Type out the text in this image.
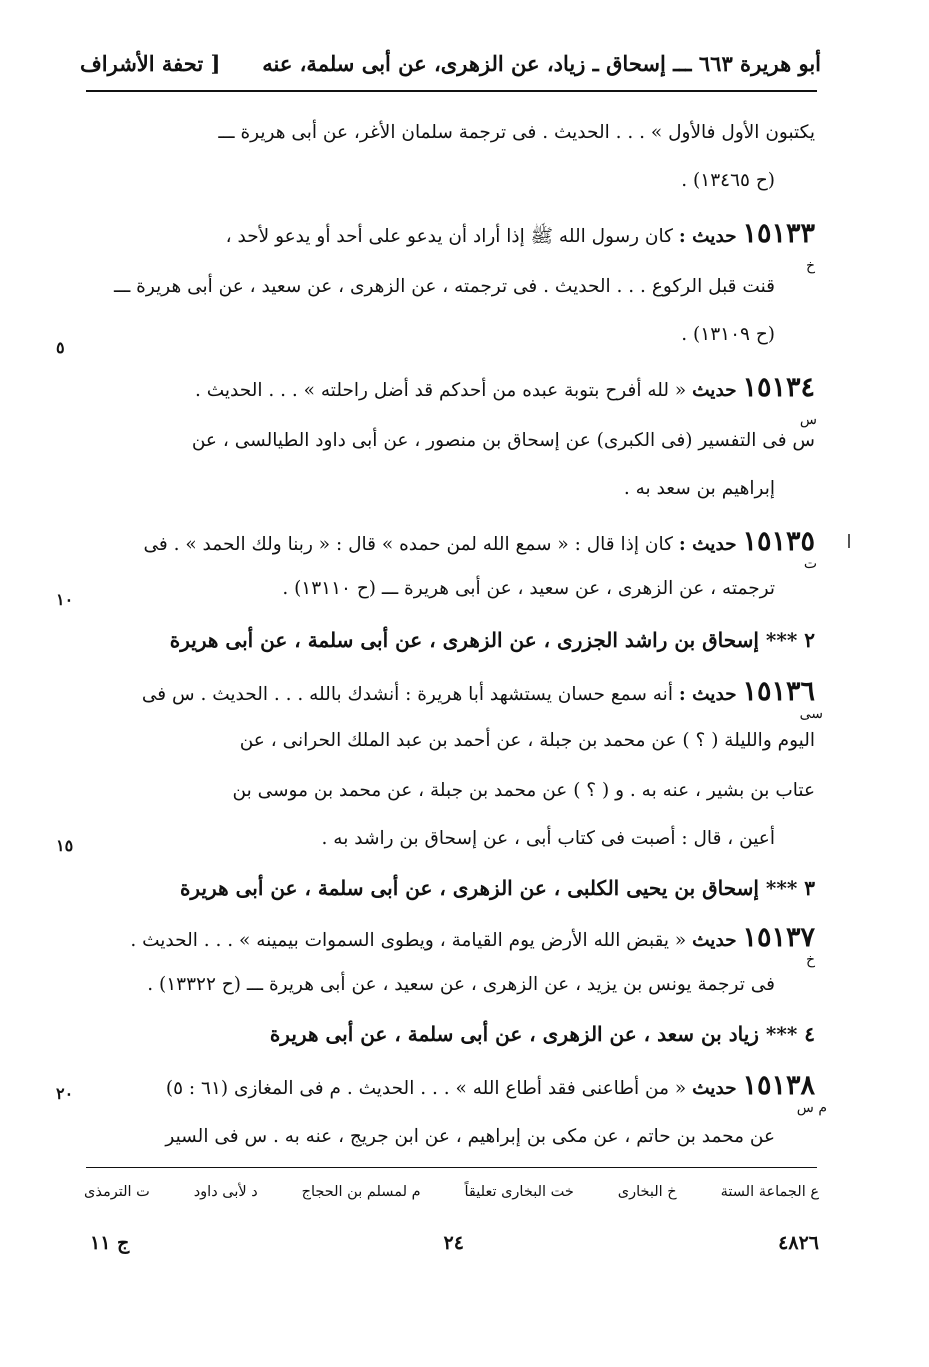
أبو هريرة ٦٦٣ ـــ إسحاق ـ زياد، عن الزهرى، عن أبى سلمة، عنه
[ تحفة الأشراف
يكتبون الأول فالأول » . . . الحديث . فى ترجمة سلمان الأغر، عن أبى هريرة ـــ
(ح ١٣٤٦٥) .
١٥١٣٣ حديث : كان رسول الله ﷺ إذا أراد أن يدعو على أحد أو يدعو لأحد ،
قنت قبل الركوع . . . الحديث . فى ترجمته ، عن الزهرى ، عن سعيد ، عن أبى هريرة ـــ
(ح ١٣١٠٩) .
١٥١٣٤ حديث « لله أفرح بتوبة عبده من أحدكم قد أضل راحلته » . . . الحديث .
س فى التفسير (فى الكبرى) عن إسحاق بن منصور ، عن أبى داود الطيالسى ، عن
إبراهيم بن سعد به .
١٥١٣٥ حديث : كان إذا قال : « سمع الله لمن حمده » قال : « ربنا ولك الحمد » . فى
ترجمته ، عن الزهرى ، عن سعيد ، عن أبى هريرة ـــ (ح ١٣١١٠) .
٢ *** إسحاق بن راشد الجزرى ، عن الزهرى ، عن أبى سلمة ، عن أبى هريرة
١٥١٣٦ حديث : أنه سمع حسان يستشهد أبا هريرة : أنشدك بالله . . . الحديث . س فى
اليوم والليلة ( ؟ ) عن محمد بن جبلة ، عن أحمد بن عبد الملك الحرانى ، عن
عتاب بن بشير ، عنه به . و ( ؟ ) عن محمد بن جبلة ، عن محمد بن موسى بن
أعين ، قال : أصبت فى كتاب أبى ، عن إسحاق بن راشد به .
٣ *** إسحاق بن يحيى الكلبى ، عن الزهرى ، عن أبى سلمة ، عن أبى هريرة
١٥١٣٧ حديث « يقبض الله الأرض يوم القيامة ، ويطوى السموات بيمينه » . . . الحديث .
فى ترجمة يونس بن يزيد ، عن الزهرى ، عن سعيد ، عن أبى هريرة ـــ (ح ١٣٣٢٢) .
٤ *** زياد بن سعد ، عن الزهرى ، عن أبى سلمة ، عن أبى هريرة
١٥١٣٨ حديث « من أطاعنى فقد أطاع الله » . . . الحديث . م فى المغازى (٦١ : ٥)
عن محمد بن حاتم ، عن مكى بن إبراهيم ، عن ابن جريج ، عنه به . س فى السير
خ
س
ت
سى
خ
م س
٥
١٠
١٥
٢٠
ع الجماعة الستة
خ البخارى
خت البخارى تعليقاً
م لمسلم بن الحجاج
د لأبى داود
ت الترمذى
٤٨٢٦
٢٤
ج ١١
